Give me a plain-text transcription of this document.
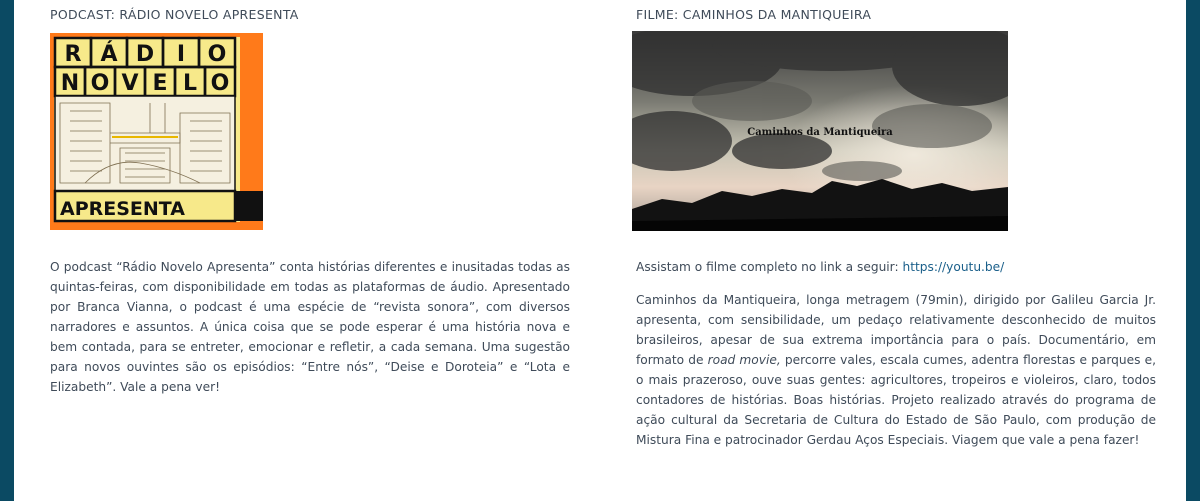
PODCAST: RÁDIO NOVELO APRESENTA
R Á D I O
N O V E L O
APRESENTA

O podcast “Rádio Novelo Apresenta” conta histórias diferentes e inusitadas todas as quintas-feiras, com disponibilidade em todas as plataformas de áudio. Apresentado por Branca Vianna, o podcast é uma espécie de “revista sonora”, com diversos narradores e assuntos. A única coisa que se pode esperar é uma história nova e bem contada, para se entreter, emocionar e refletir, a cada semana. Uma sugestão para novos ouvintes são os episódios: “Entre nós”, “Deise e Doroteia” e “Lota e Elizabeth”. Vale a pena ver!

FILME: CAMINHOS DA MANTIQUEIRA
Caminhos da Mantiqueira

Assistam o filme completo no link a seguir: https://youtu.be/

Caminhos da Mantiqueira, longa metragem (79min), dirigido por Galileu Garcia Jr. apresenta, com sensibilidade, um pedaço relativamente desconhecido de muitos brasileiros, apesar de sua extrema importância para o país. Documentário, em formato de road movie, percorre vales, escala cumes, adentra florestas e parques e, o mais prazeroso, ouve suas gentes: agricultores, tropeiros e violeiros, claro, todos contadores de histórias. Boas histórias. Projeto realizado através do programa de ação cultural da Secretaria de Cultura do Estado de São Paulo, com produção de Mistura Fina e patrocinador Gerdau Aços Especiais. Viagem que vale a pena fazer!
